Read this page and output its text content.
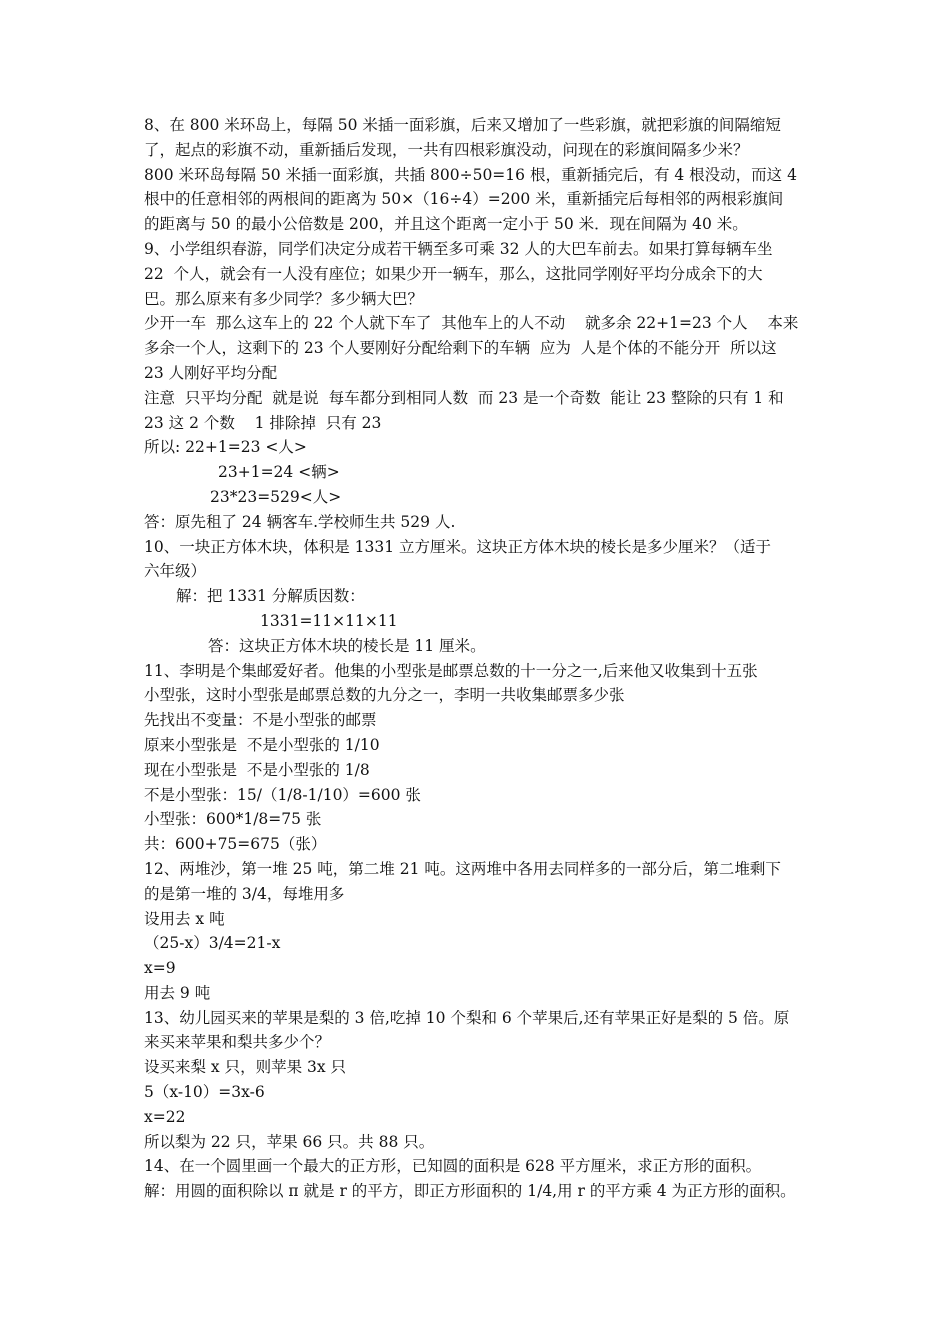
8、在 800 米环岛上，每隔 50 米插一面彩旗，后来又增加了一些彩旗，就把彩旗的间隔缩短
了，起点的彩旗不动，重新插后发现，一共有四根彩旗没动，问现在的彩旗间隔多少米？
800 米环岛每隔 50 米插一面彩旗，共插 800÷50=16 根，重新插完后，有 4 根没动，而这 4
根中的任意相邻的两根间的距离为 50×（16÷4）=200 米，重新插完后每相邻的两根彩旗间
的距离与 50 的最小公倍数是 200，并且这个距离一定小于 50 米．现在间隔为 40 米。
9、小学组织春游，同学们决定分成若干辆至多可乘 32 人的大巴车前去。如果打算每辆车坐
22  个人，就会有一人没有座位；如果少开一辆车，那么，这批同学刚好平均分成余下的大
巴。那么原来有多少同学？多少辆大巴？
少开一车  那么这车上的 22 个人就下车了  其他车上的人不动    就多余 22+1=23 个人    本来
多余一个人，这剩下的 23 个人要刚好分配给剩下的车辆  应为  人是个体的不能分开  所以这
23 人刚好平均分配
注意  只平均分配  就是说  每车都分到相同人数  而 23 是一个奇数  能让 23 整除的只有 1 和
23 这 2 个数    1 排除掉  只有 23
所以: 22+1=23 <人>
23+1=24 <辆>
23*23=529<人>
答：原先租了 24 辆客车.学校师生共 529 人.
10、一块正方体木块，体积是 1331 立方厘米。这块正方体木块的棱长是多少厘米？（适于
六年级）
解：把 1331 分解质因数：
1331=11×11×11
答：这块正方体木块的棱长是 11 厘米。
11、李明是个集邮爱好者。他集的小型张是邮票总数的十一分之一,后来他又收集到十五张
小型张，这时小型张是邮票总数的九分之一，李明一共收集邮票多少张
先找出不变量：不是小型张的邮票
原来小型张是  不是小型张的 1/10
现在小型张是  不是小型张的 1/8
不是小型张：15/（1/8-1/10）=600 张
小型张：600*1/8=75 张
共：600+75=675（张）
12、两堆沙，第一堆 25 吨，第二堆 21 吨。这两堆中各用去同样多的一部分后，第二堆剩下
的是第一堆的 3/4，每堆用多
设用去 x 吨
（25-x）3/4=21-x
x=9
用去 9 吨
13、幼儿园买来的苹果是梨的 3 倍,吃掉 10 个梨和 6 个苹果后,还有苹果正好是梨的 5 倍。原
来买来苹果和梨共多少个？
设买来梨 x 只，则苹果 3x 只
5（x-10）=3x-6
x=22
所以梨为 22 只，苹果 66 只。共 88 只。
14、在一个圆里画一个最大的正方形，已知圆的面积是 628 平方厘米，求正方形的面积。
解：用圆的面积除以 π 就是 r 的平方，即正方形面积的 1/4,用 r 的平方乘 4 为正方形的面积。
